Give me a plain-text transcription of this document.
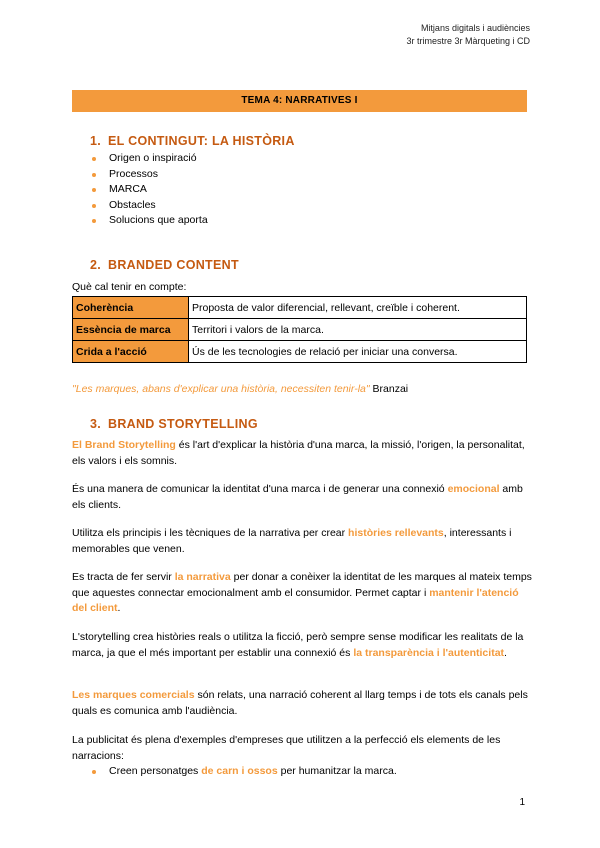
Mitjans digitals i audiències
3r trimestre 3r Màrqueting i CD
TEMA 4: NARRATIVES I
1. EL CONTINGUT: LA HISTÒRIA
Origen o inspiració
Processos
MARCA
Obstacles
Solucions que aporta
2. BRANDED CONTENT
Què cal tenir en compte:
Coherència	Proposta de valor diferencial, rellevant, creïble i coherent.
Essència de marca	Territori i valors de la marca.
Crida a l'acció	Ús de les tecnologies de relació per iniciar una conversa.
"Les marques, abans d'explicar una història, necessiten tenir-la" Branzai
3. BRAND STORYTELLING
El Brand Storytelling és l'art d'explicar la història d'una marca, la missió, l'origen, la personalitat, els valors i els somnis.
És una manera de comunicar la identitat d'una marca i de generar una connexió emocional amb els clients.
Utilitza els principis i les tècniques de la narrativa per crear històries rellevants, interessants i memorables que venen.
Es tracta de fer servir la narrativa per donar a conèixer la identitat de les marques al mateix temps que aquestes connectar emocionalment amb el consumidor. Permet captar i mantenir l'atenció del client.
L'storytelling crea històries reals o utilitza la ficció, però sempre sense modificar les realitats de la marca, ja que el més important per establir una connexió és la transparència i l'autenticitat.
Les marques comercials són relats, una narració coherent al llarg temps i de tots els canals pels quals es comunica amb l'audiència.
La publicitat és plena d'exemples d'empreses que utilitzen a la perfecció els elements de les narracions:
Creen personatges de carn i ossos per humanitzar la marca.
1
